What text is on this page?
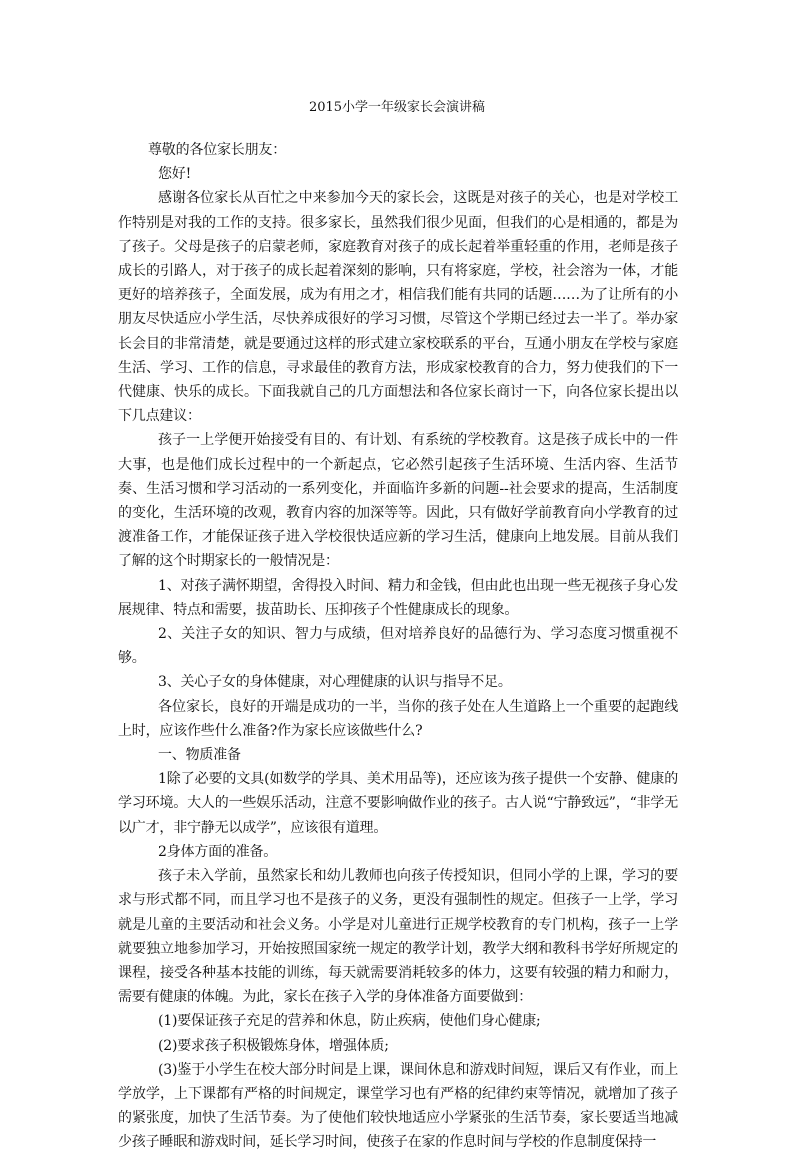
2015小学一年级家长会演讲稿

尊敬的各位家长朋友：

您好!

感谢各位家长从百忙之中来参加今天的家长会，这既是对孩子的关心，也是对学校工作特别是对我的工作的支持。很多家长，虽然我们很少见面，但我们的心是相通的，都是为了孩子。父母是孩子的启蒙老师，家庭教育对孩子的成长起着举重轻重的作用，老师是孩子成长的引路人，对于孩子的成长起着深刻的影响，只有将家庭，学校，社会溶为一体，才能更好的培养孩子，全面发展，成为有用之才，相信我们能有共同的话题……为了让所有的小朋友尽快适应小学生活，尽快养成很好的学习习惯，尽管这个学期已经过去一半了。举办家长会目的非常清楚，就是要通过这样的形式建立家校联系的平台，互通小朋友在学校与家庭生活、学习、工作的信息，寻求最佳的教育方法，形成家校教育的合力，努力使我们的下一代健康、快乐的成长。下面我就自己的几方面想法和各位家长商讨一下，向各位家长提出以下几点建议：

孩子一上学便开始接受有目的、有计划、有系统的学校教育。这是孩子成长中的一件大事，也是他们成长过程中的一个新起点，它必然引起孩子生活环境、生活内容、生活节奏、生活习惯和学习活动的一系列变化，并面临许多新的问题--社会要求的提高，生活制度的变化，生活环境的改观，教育内容的加深等等。因此，只有做好学前教育向小学教育的过渡准备工作，才能保证孩子进入学校很快适应新的学习生活，健康向上地发展。目前从我们了解的这个时期家长的一般情况是：

1、对孩子满怀期望，舍得投入时间、精力和金钱，但由此也出现一些无视孩子身心发展规律、特点和需要，拔苗助长、压抑孩子个性健康成长的现象。

2、关注子女的知识、智力与成绩，但对培养良好的品德行为、学习态度习惯重视不够。

3、关心子女的身体健康，对心理健康的认识与指导不足。

各位家长，良好的开端是成功的一半，当你的孩子处在人生道路上一个重要的起跑线上时，应该作些什么准备?作为家长应该做些什么?

一、物质准备

1除了必要的文具(如数学的学具、美术用品等)，还应该为孩子提供一个安静、健康的学习环境。大人的一些娱乐活动，注意不要影响做作业的孩子。古人说“宁静致远”，“非学无以广才，非宁静无以成学”，应该很有道理。

2身体方面的准备。

孩子未入学前，虽然家长和幼儿教师也向孩子传授知识，但同小学的上课，学习的要求与形式都不同，而且学习也不是孩子的义务，更没有强制性的规定。但孩子一上学，学习就是儿童的主要活动和社会义务。小学是对儿童进行正规学校教育的专门机构，孩子一上学就要独立地参加学习，开始按照国家统一规定的教学计划，教学大纲和教科书学好所规定的课程，接受各种基本技能的训练，每天就需要消耗较多的体力，这要有较强的精力和耐力，需要有健康的体魄。为此，家长在孩子入学的身体准备方面要做到：

(1)要保证孩子充足的营养和休息，防止疾病，使他们身心健康;

(2)要求孩子积极锻炼身体，增强体质;

(3)鉴于小学生在校大部分时间是上课，课间休息和游戏时间短，课后又有作业，而上学放学，上下课都有严格的时间规定，课堂学习也有严格的纪律约束等情况，就增加了孩子的紧张度，加快了生活节奏。为了使他们较快地适应小学紧张的生活节奏，家长要适当地减少孩子睡眠和游戏时间，延长学习时间，使孩子在家的作息时间与学校的作息制度保持一
